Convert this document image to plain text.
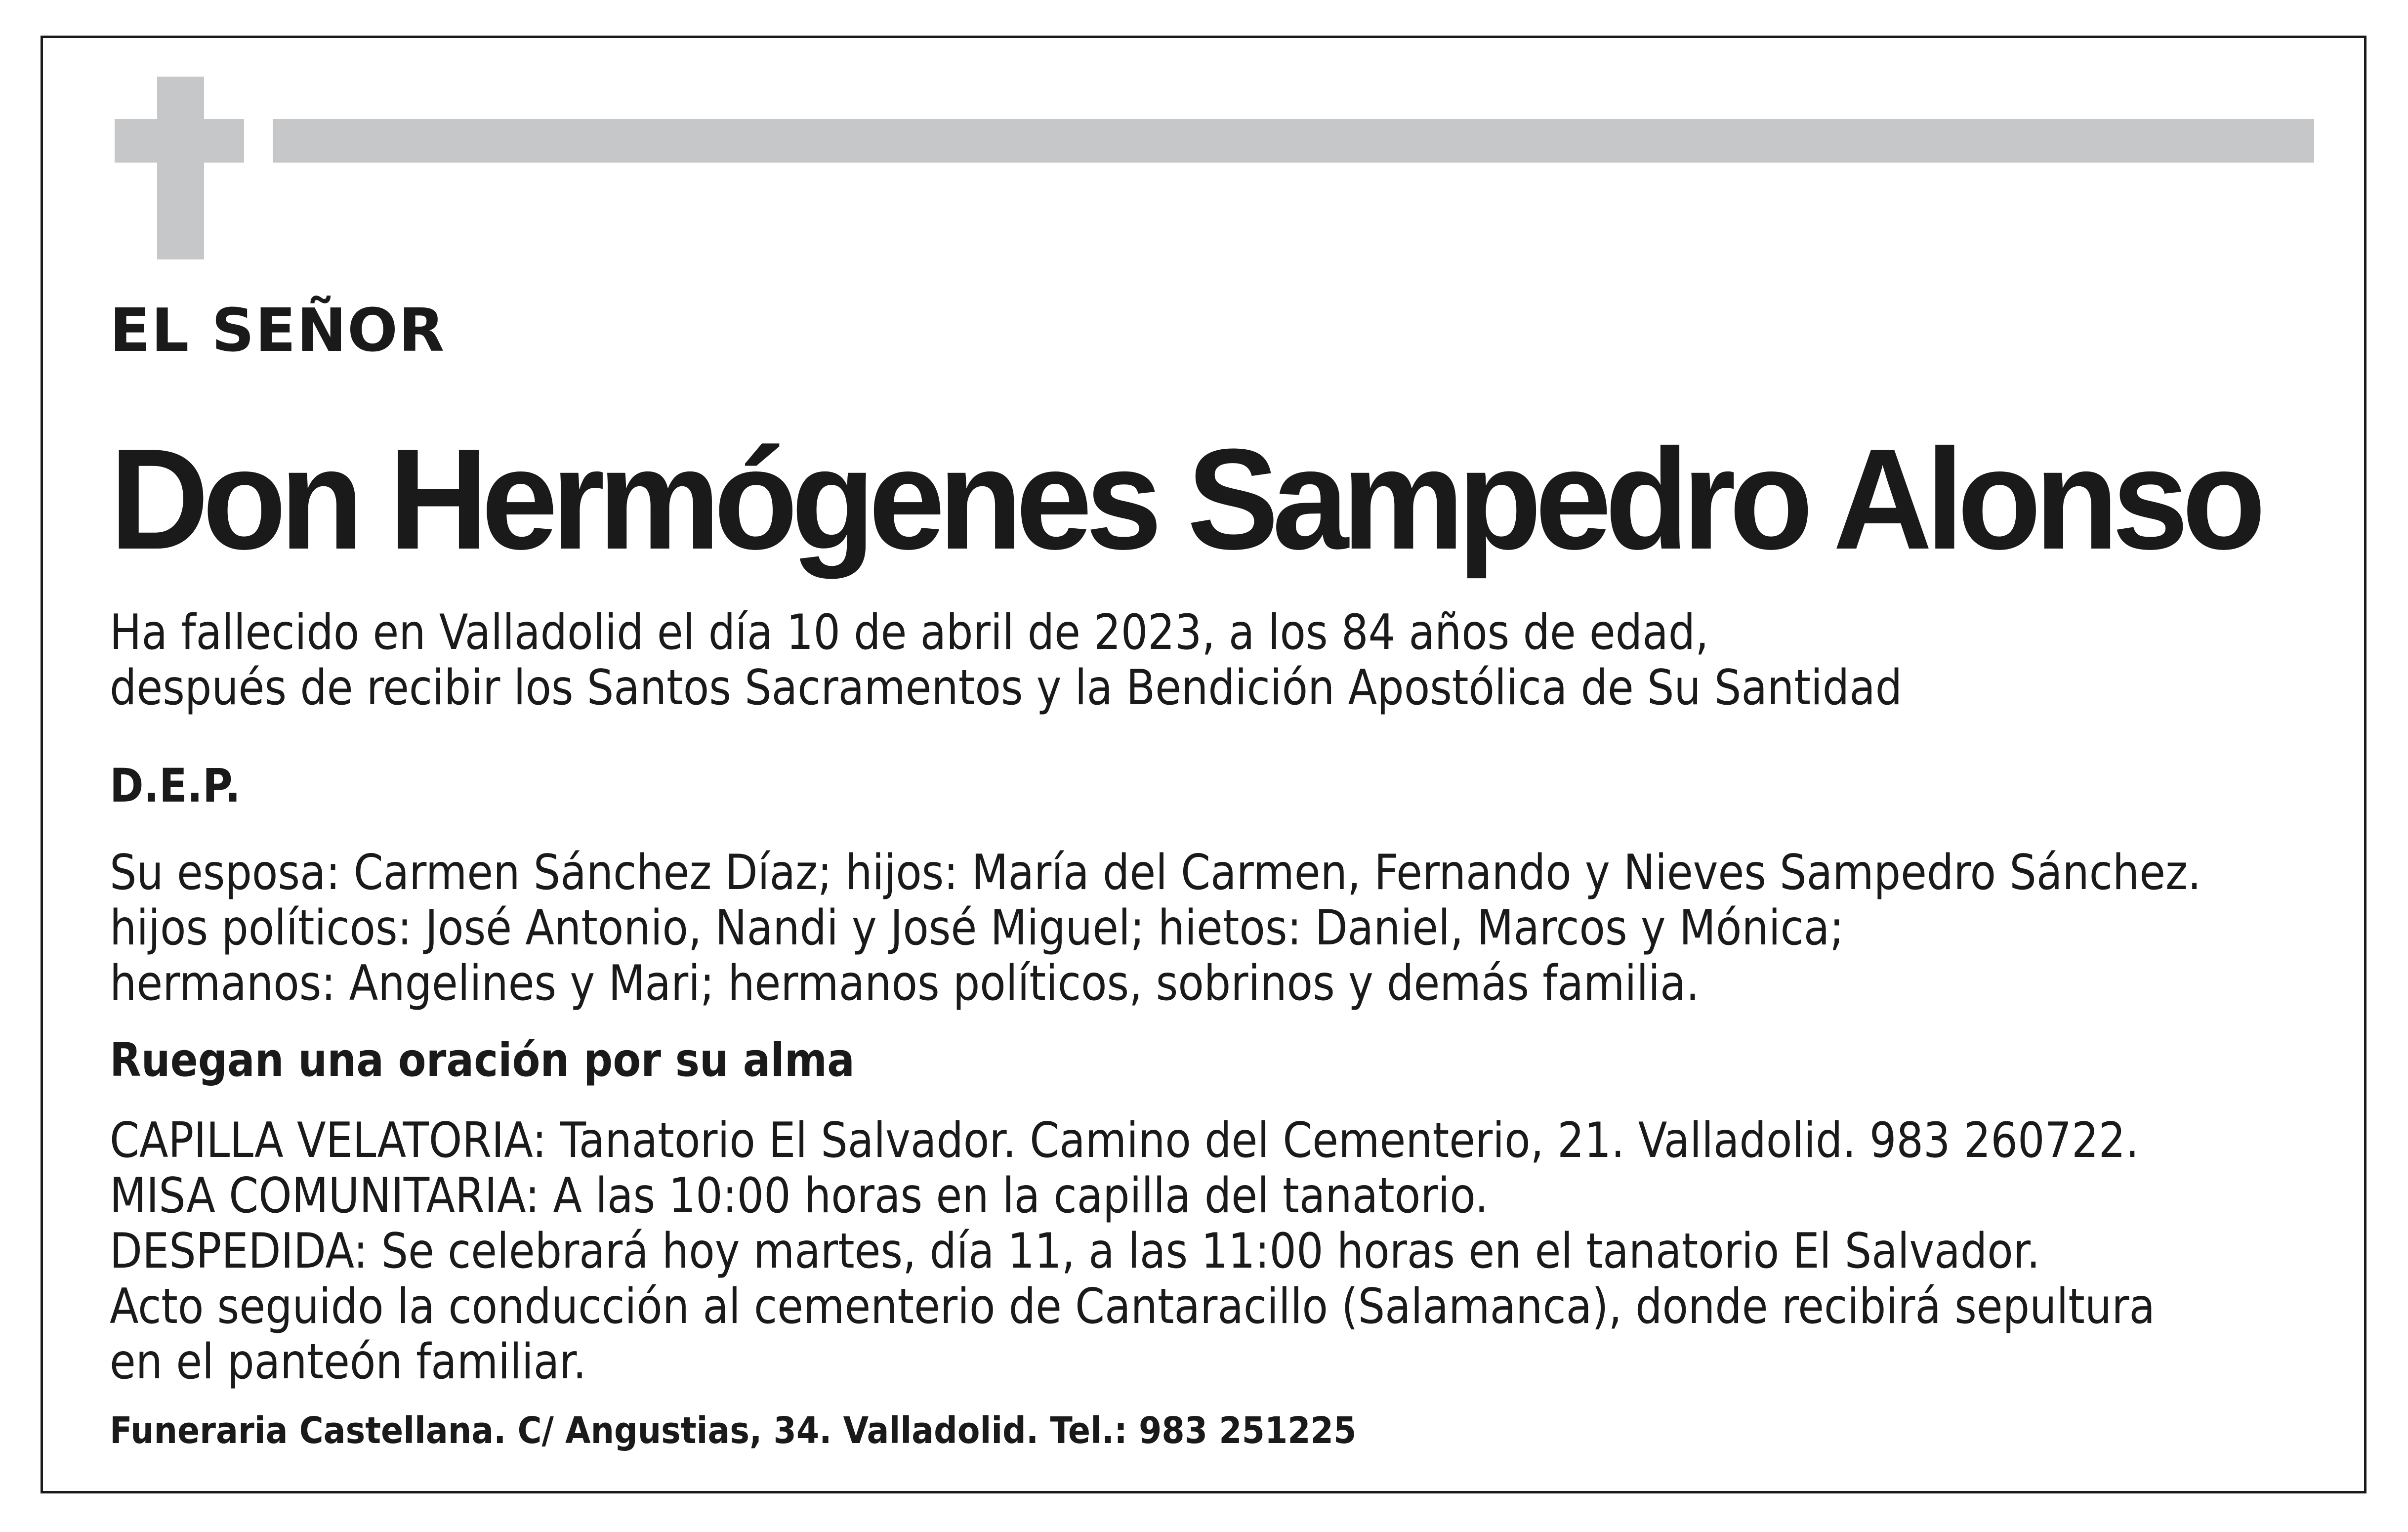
EL SEÑOR
Don Hermógenes Sampedro Alonso
Ha fallecido en Valladolid el día 10 de abril de 2023, a los 84 años de edad,
después de recibir los Santos Sacramentos y la Bendición Apostólica de Su Santidad
D.E.P.
Su esposa: Carmen Sánchez Díaz; hijos: María del Carmen, Fernando y Nieves Sampedro Sánchez.
hijos políticos: José Antonio, Nandi y José Miguel; hietos: Daniel, Marcos y Mónica;
hermanos: Angelines y Mari; hermanos políticos, sobrinos y demás familia.
Ruegan una oración por su alma
CAPILLA VELATORIA: Tanatorio El Salvador. Camino del Cementerio, 21. Valladolid. 983 260722.
MISA COMUNITARIA: A las 10:00 horas en la capilla del tanatorio.
DESPEDIDA: Se celebrará hoy martes, día 11, a las 11:00 horas en el tanatorio El Salvador.
Acto seguido la conducción al cementerio de Cantaracillo (Salamanca), donde recibirá sepultura
en el panteón familiar.
Funeraria Castellana. C/ Angustias, 34. Valladolid. Tel.: 983 251225
